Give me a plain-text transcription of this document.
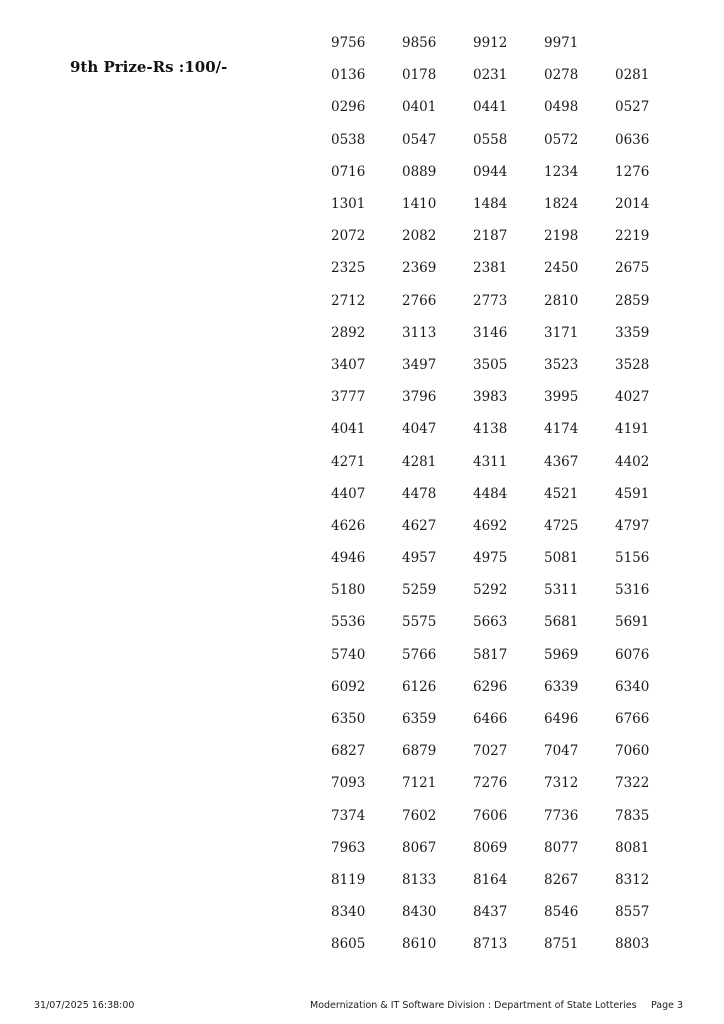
9th Prize-Rs :100/-
9756	9856	9912	9971
0136	0178	0231	0278	0281
0296	0401	0441	0498	0527
0538	0547	0558	0572	0636
0716	0889	0944	1234	1276
1301	1410	1484	1824	2014
2072	2082	2187	2198	2219
2325	2369	2381	2450	2675
2712	2766	2773	2810	2859
2892	3113	3146	3171	3359
3407	3497	3505	3523	3528
3777	3796	3983	3995	4027
4041	4047	4138	4174	4191
4271	4281	4311	4367	4402
4407	4478	4484	4521	4591
4626	4627	4692	4725	4797
4946	4957	4975	5081	5156
5180	5259	5292	5311	5316
5536	5575	5663	5681	5691
5740	5766	5817	5969	6076
6092	6126	6296	6339	6340
6350	6359	6466	6496	6766
6827	6879	7027	7047	7060
7093	7121	7276	7312	7322
7374	7602	7606	7736	7835
7963	8067	8069	8077	8081
8119	8133	8164	8267	8312
8340	8430	8437	8546	8557
8605	8610	8713	8751	8803
31/07/2025 16:38:00	Modernization & IT Software Division : Department of State Lotteries Page 3
